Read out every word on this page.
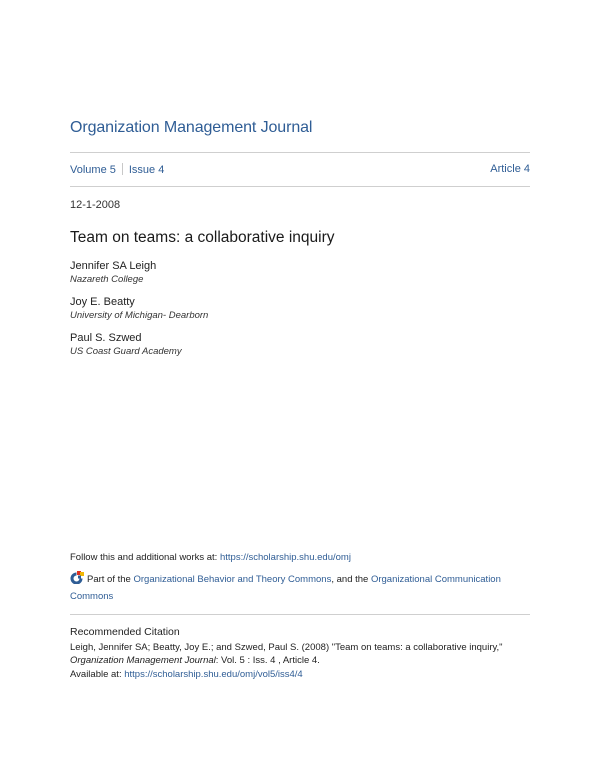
Organization Management Journal
Volume 5 Issue 4	Article 4
12-1-2008
Team on teams: a collaborative inquiry
Jennifer SA Leigh
Nazareth College
Joy E. Beatty
University of Michigan- Dearborn
Paul S. Szwed
US Coast Guard Academy
Follow this and additional works at: https://scholarship.shu.edu/omj
Part of the Organizational Behavior and Theory Commons, and the Organizational Communication Commons
Recommended Citation
Leigh, Jennifer SA; Beatty, Joy E.; and Szwed, Paul S. (2008) "Team on teams: a collaborative inquiry,"
Organization Management Journal: Vol. 5 : Iss. 4 , Article 4.
Available at: https://scholarship.shu.edu/omj/vol5/iss4/4
